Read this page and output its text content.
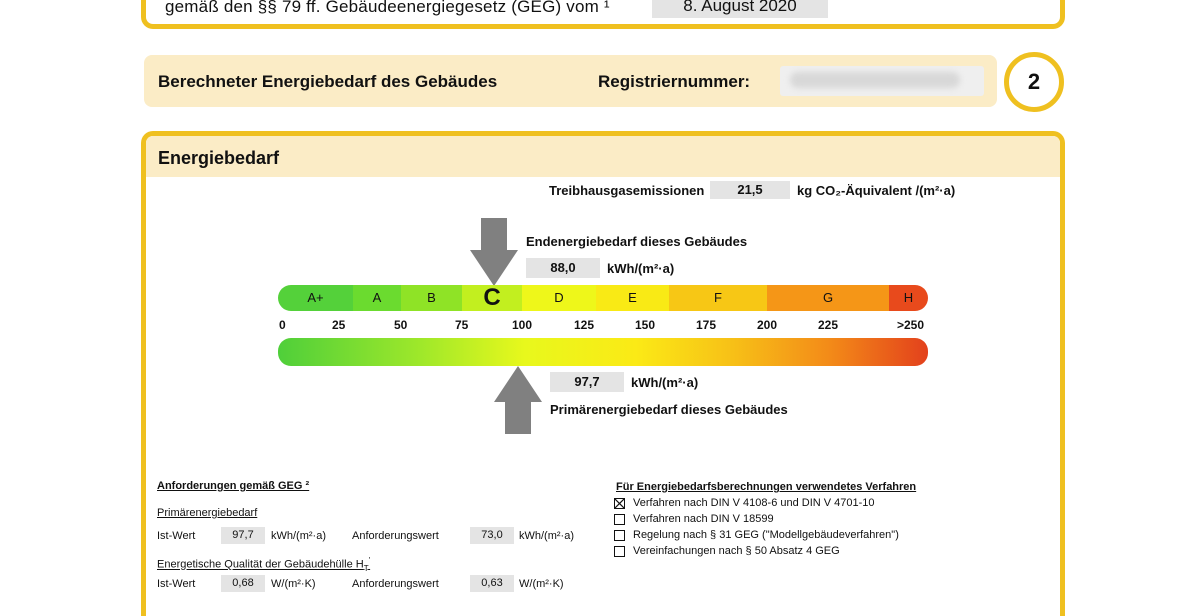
gemäß den §§ 79 ff. Gebäudeenergiegesetz (GEG) vom ¹	8. August 2020
Berechneter Energiebedarf des Gebäudes	Registriernummer:	2
Energiebedarf
Treibhausgasemissionen	21,5	kg CO₂-Äquivalent /(m²·a)
Endenergiebedarf dieses Gebäudes
88,0	kWh/(m²·a)
A+	A	B	C	D	E	F	G	H
0	25	50	75	100	125	150	175	200	225	>250
97,7	kWh/(m²·a)
Primärenergiebedarf dieses Gebäudes
Anforderungen gemäß GEG ²
Primärenergiebedarf
Ist-Wert	97,7	kWh/(m²·a) Anforderungswert	73,0	kWh/(m²·a)
Energetische Qualität der Gebäudehülle $H_T'$
Ist-Wert	0,68	W/(m²·K)	Anforderungswert	0,63	W/(m²·K)
Für Energiebedarfsberechnungen verwendetes Verfahren
Verfahren nach DIN V 4108-6 und DIN V 4701-10
Verfahren nach DIN V 18599
Regelung nach § 31 GEG ("Modellgebäudeverfahren")
Vereinfachungen nach § 50 Absatz 4 GEG
